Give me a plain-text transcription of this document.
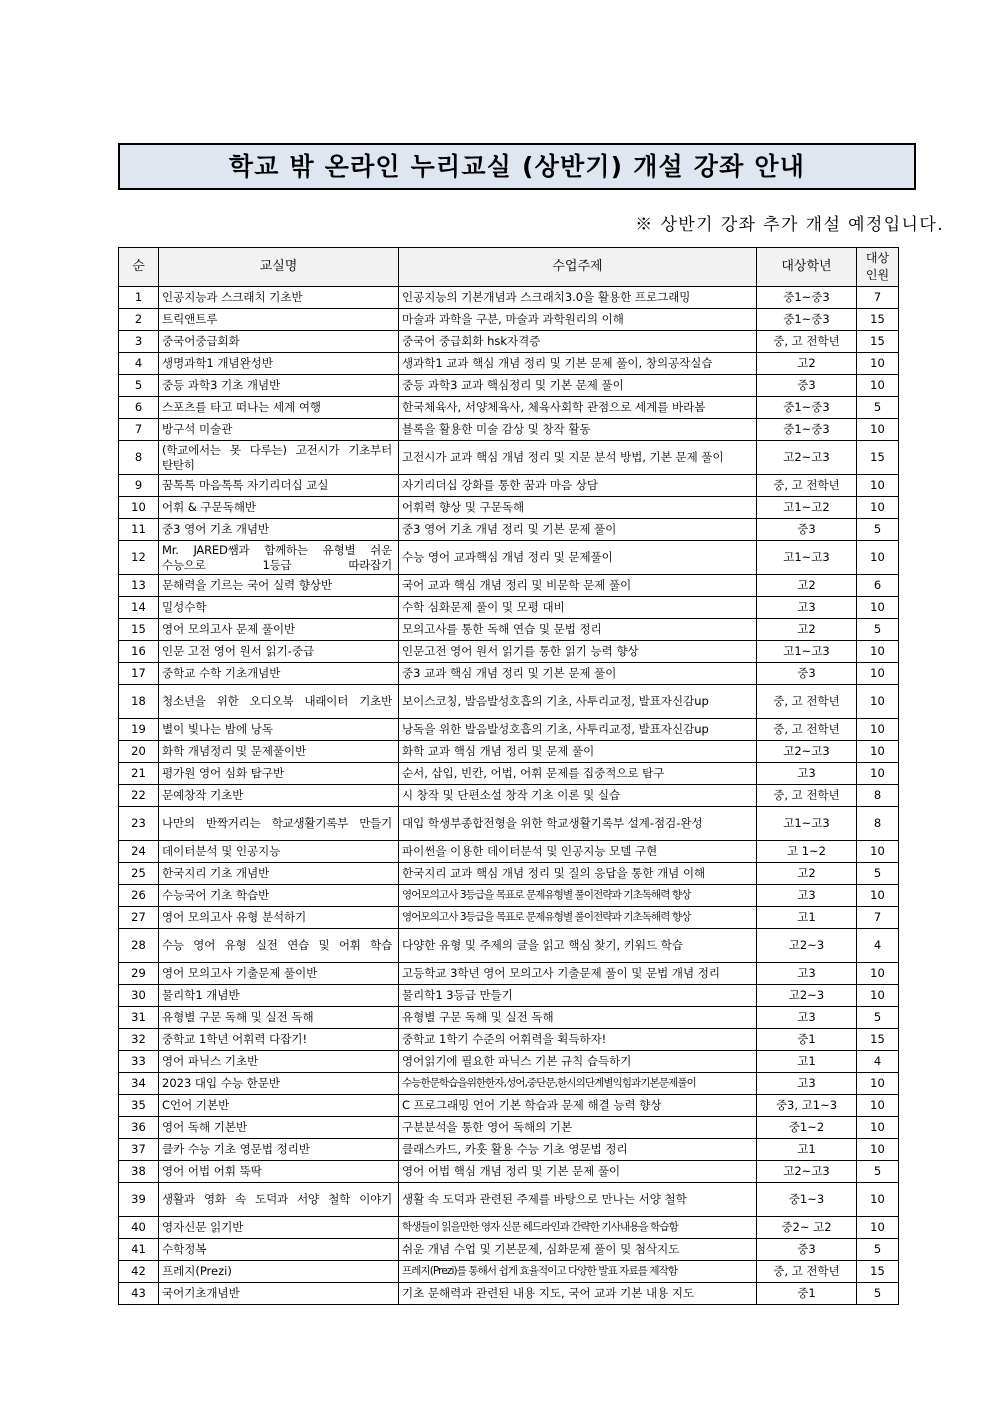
학교 밖 온라인 누리교실 (상반기) 개설 강좌 안내
※ 상반기 강좌 추가 개설 예정입니다.
순	교실명	수업주제	대상학년	대상
인원

1	인공지능과 스크래치 기초반	인공지능의 기본개념과 스크래치3.0을 활용한 프로그래밍	중1~중3	7
2	트릭앤트루	마술과 과학을 구분, 마술과 과학원리의 이해	중1~중3	15
3	중국어중급회화	중국어 중급회화 hsk자격증	중, 고 전학년	15
4	생명과학1 개념완성반	생과학1 교과 핵심 개념 정리 및 기본 문제 풀이, 창의공작실습	고2	10
5	중등 과학3 기초 개념반	중등 과학3 교과 핵심정리 및 기본 문제 풀이	중3	10
6	스포츠를 타고 떠나는 세계 여행	한국체육사, 서양체육사, 체육사회학 관점으로 세계를 바라봄	중1~중3	5
7	방구석 미술관	블록을 활용한 미술 감상 및 창작 활동	중1~중3	10
8	(학교에서는 못 다루는) 고전시가 기초부터 탄탄히	고전시가 교과 핵심 개념 정리 및 지문 분석 방법, 기본 문제 풀이	고2~고3	15
9	꿈톡톡 마음톡톡 자기리더십 교실	자기리더십 강화를 통한 꿈과 마음 상담	중, 고 전학년	10
10	어휘 & 구문독해반	어휘력 향상 및 구문독해	고1~고2	10
11	중3 영어 기초 개념반	중3 영어 기초 개념 정리 및 기본 문제 풀이	중3	5
12	Mr. JARED쌤과 함께하는 유형별 쉬운 수능으로 1등급 따라잡기	수능 영어 교과핵심 개념 정리 및 문제풀이	고1~고3	10
13	문해력을 기르는 국어 실력 향상반	국어 교과 핵심 개념 정리 및 비문학 문제 풀이	고2	6
14	밀성수학	수학 심화문제 풀이 및 모평 대비	고3	10
15	영어 모의고사 문제 풀이반	모의고사를 통한 독해 연습 및 문법 정리	고2	5
16	인문 고전 영어 원서 읽기-중급	인문고전 영어 원서 읽기를 통한 읽기 능력 향상	고1~고3	10
17	중학교 수학 기초개념반	중3 교과 핵심 개념 정리 및 기본 문제 풀이	중3	10
18	청소년을 위한 오디오북 내래이터 기초반	보이스코칭, 발음발성호흡의 기초, 사투리교정, 발표자신감up	중, 고 전학년	10
19	별이 빛나는 밤에 낭독	낭독을 위한 발음발성호흡의 기초, 사투리교정, 발표자신감up	중, 고 전학년	10
20	화학 개념정리 및 문제풀이반	화학 교과 핵심 개념 정리 및 문제 풀이	고2~고3	10
21	평가원 영어 심화 탐구반	순서, 삽입, 빈칸, 어법, 어휘 문제를 집중적으로 탐구	고3	10
22	문예창작 기초반	시 창작 및 단편소설 창작 기초 이론 및 실습	중, 고 전학년	8
23	나만의 반짝거리는 학교생활기록부 만들기	대입 학생부종합전형을 위한 학교생활기록부 설계-점검-완성	고1~고3	8
24	데이터분석 및 인공지능	파이썬을 이용한 데이터분석 및 인공지능 모델 구현	고 1~2	10
25	한국지리 기초 개념반	한국지리 교과 핵심 개념 정리 및 질의 응답을 통한 개념 이해	고2	5
26	수능국어 기초 학습반	영어모의고사 3등급을 목표로 문제유형별 풀이전략과 기초독해력 향상	고3	10
27	영어 모의고사 유형 분석하기	영어모의고사 3등급을 목표로 문제유형별 풀이전략과 기초독해력 향상	고1	7
28	수능 영어 유형 실전 연습 및 어휘 학습	다양한 유형 및 주제의 글을 읽고 핵심 찾기, 키워드 학습	고2~3	4
29	영어 모의고사 기출문제 풀이반	고등학교 3학년 영어 모의고사 기출문제 풀이 및 문법 개념 정리	고3	10
30	물리학1 개념반	물리학1 3등급 만들기	고2~3	10
31	유형별 구문 독해 및 실전 독해	유형별 구문 독해 및 실전 독해	고3	5
32	중학교 1학년 어휘력 다잡기!	중학교 1학기 수준의 어휘력을 획득하자!	중1	15
33	영어 파닉스 기초반	영어읽기에 필요한 파닉스 기본 규칙 습득하기	고1	4
34	2023 대입 수능 한문반	수능한문학습을위한한자,성어,중단문,한시의단계별익힘과기본문제풀이	고3	10
35	C언어 기본반	C 프로그래밍 언어 기본 학습과 문제 해결 능력 향상	중3, 고1~3	10
36	영어 독해 기본반	구분분석을 통한 영어 독해의 기본	중1~2	10
37	클카 수능 기초 영문법 정리반	클래스카드, 카훗 활용 수능 기초 영문법 정리	고1	10
38	영어 어법 어휘 뚝딱	영어 어법 핵심 개념 정리 및 기본 문제 풀이	고2~고3	5
39	생활과 영화 속 도덕과 서양 철학 이야기	생활 속 도덕과 관련된 주제를 바탕으로 만나는 서양 철학	중1~3	10
40	영자신문 읽기반	학생들이 읽을만한 영자 신문 헤드라인과 간략한 기사내용을 학습함	중2~ 고2	10
41	수학정복	쉬운 개념 수업 및 기본문제, 심화문제 풀이 및 첨삭지도	중3	5
42	프레지(Prezi)	프레지(Prezi)를 통해서 쉽게 효율적이고 다양한 발표 자료를 제작함	중, 고 전학년	15
43	국어기초개념반	기초 문해력과 관련된 내용 지도, 국어 교과 기본 내용 지도	중1	5
